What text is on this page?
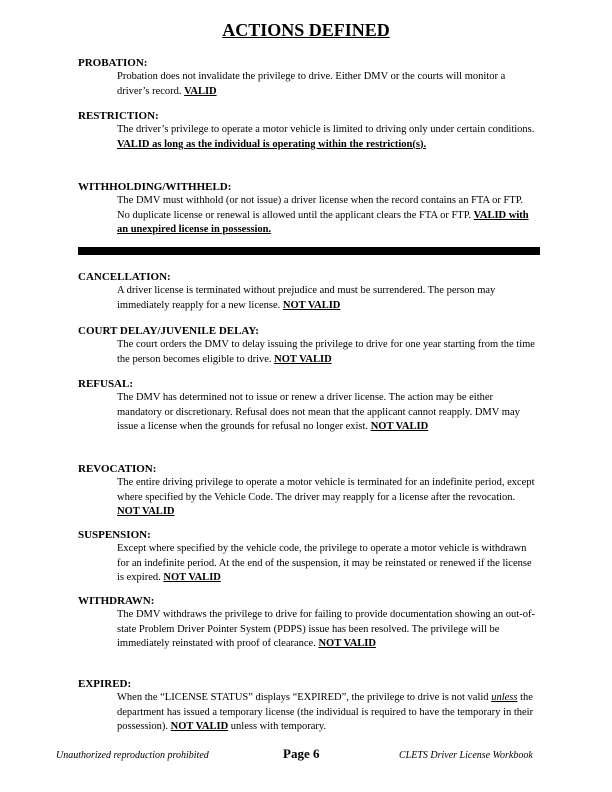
ACTIONS DEFINED
PROBATION:
Probation does not invalidate the privilege to drive. Either DMV or the courts will monitor a driver’s record. VALID
RESTRICTION:
The driver’s privilege to operate a motor vehicle is limited to driving only under certain conditions. VALID as long as the individual is operating within the restriction(s).
WITHHOLDING/WITHHELD:
The DMV must withhold (or not issue) a driver license when the record contains an FTA or FTP. No duplicate license or renewal is allowed until the applicant clears the FTA or FTP. VALID with an unexpired license in possession.
CANCELLATION:
A driver license is terminated without prejudice and must be surrendered. The person may immediately reapply for a new license. NOT VALID
COURT DELAY/JUVENILE DELAY:
The court orders the DMV to delay issuing the privilege to drive for one year starting from the time the person becomes eligible to drive. NOT VALID
REFUSAL:
The DMV has determined not to issue or renew a driver license. The action may be either mandatory or discretionary. Refusal does not mean that the applicant cannot reapply. DMV may issue a license when the grounds for refusal no longer exist. NOT VALID
REVOCATION:
The entire driving privilege to operate a motor vehicle is terminated for an indefinite period, except where specified by the Vehicle Code. The driver may reapply for a license after the revocation. NOT VALID
SUSPENSION:
Except where specified by the vehicle code, the privilege to operate a motor vehicle is withdrawn for an indefinite period. At the end of the suspension, it may be reinstated or renewed if the license is expired. NOT VALID
WITHDRAWN:
The DMV withdraws the privilege to drive for failing to provide documentation showing an out-of-state Problem Driver Pointer System (PDPS) issue has been resolved. The privilege will be immediately reinstated with proof of clearance. NOT VALID
EXPIRED:
When the “LICENSE STATUS” displays “EXPIRED”, the privilege to drive is not valid unless the department has issued a temporary license (the individual is required to have the temporary in their possession). NOT VALID unless with temporary.
Unauthorized reproduction prohibited	Page 6	CLETS Driver License Workbook
